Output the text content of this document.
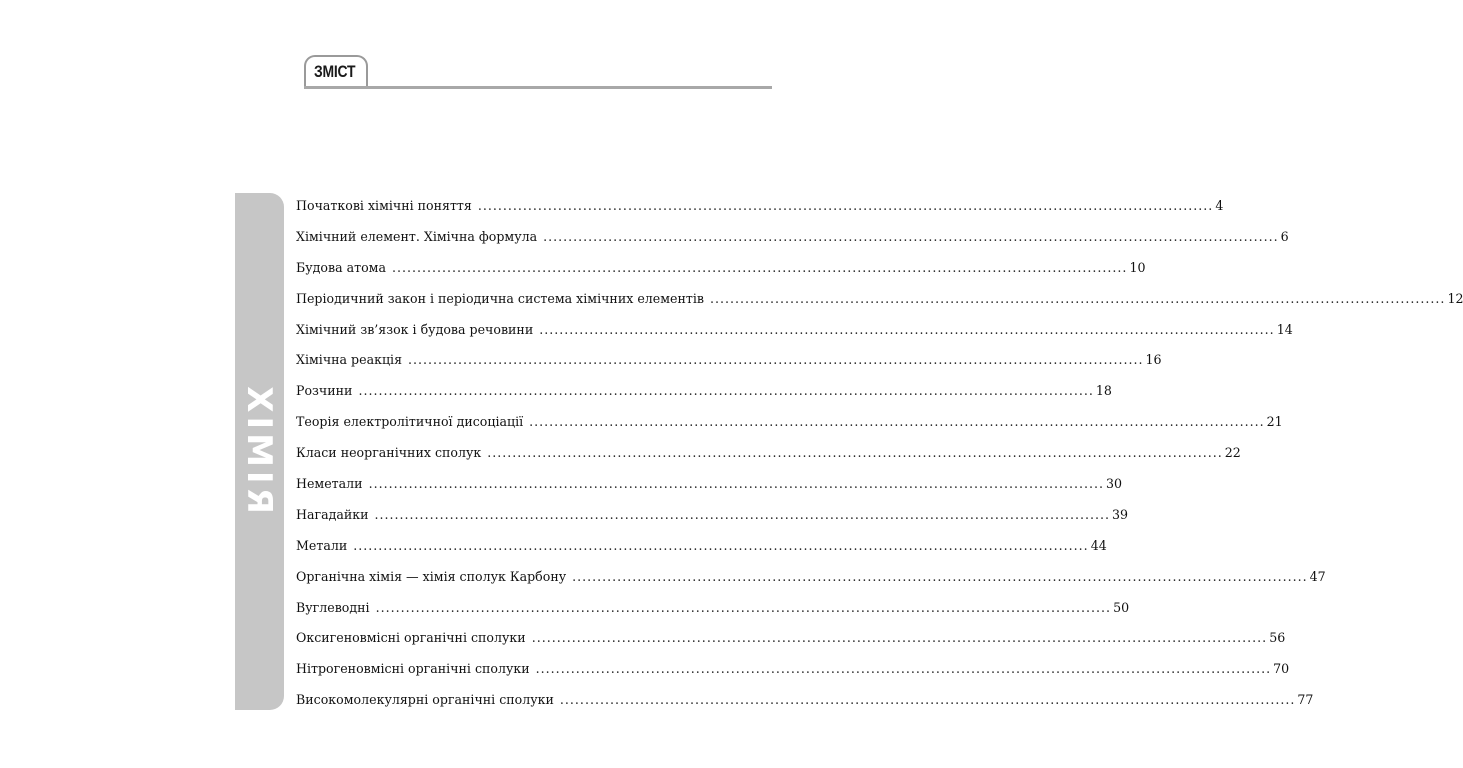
ЗМІСТ
ХІМІЯ
Початкові хімічні поняття ................................................................................................................................................... 4
Хімічний елемент. Хімічна формула ................................................................................................................................................... 6
Будова атома ................................................................................................................................................... 10
Періодичний закон і періодична система хімічних елементів ................................................................................................................................................... 12
Хімічний зв’язок і будова речовини ................................................................................................................................................... 14
Хімічна реакція ................................................................................................................................................... 16
Розчини ................................................................................................................................................... 18
Теорія електролітичної дисоціації ................................................................................................................................................... 21
Класи неорганічних сполук ................................................................................................................................................... 22
Неметали ................................................................................................................................................... 30
Нагадайки ................................................................................................................................................... 39
Метали ................................................................................................................................................... 44
Органічна хімія — хімія сполук Карбону ................................................................................................................................................... 47
Вуглеводні ................................................................................................................................................... 50
Оксигеновмісні органічні сполуки ................................................................................................................................................... 56
Нітрогеновмісні органічні сполуки ................................................................................................................................................... 70
Високомолекулярні органічні сполуки ................................................................................................................................................... 77
